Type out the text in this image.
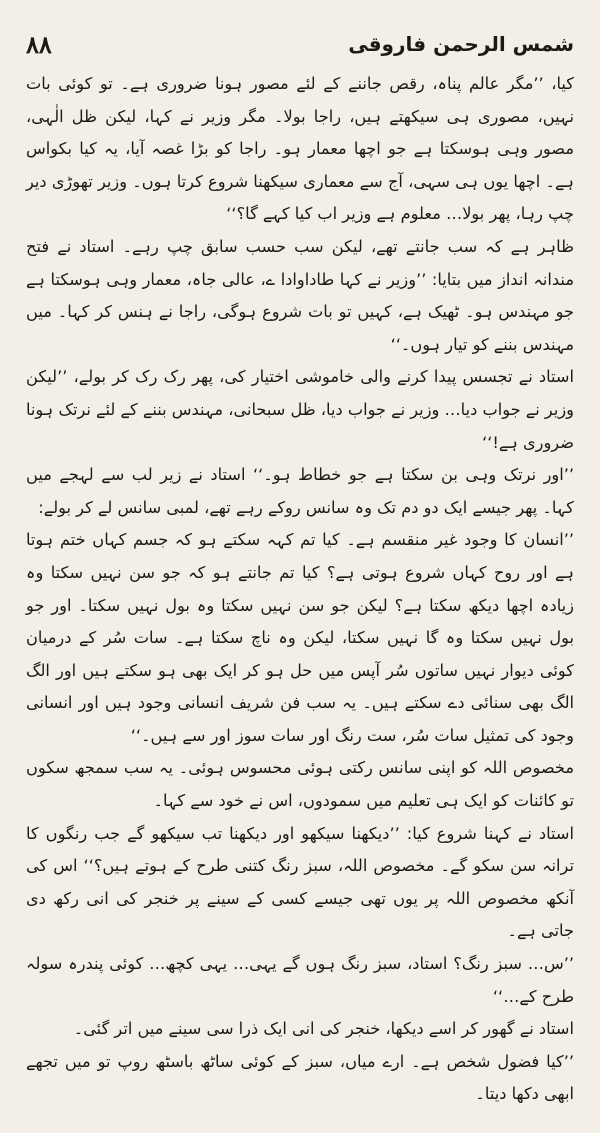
۸۸	شمس الرحمن فاروقی

کیا، ’’مگر عالم پناہ، رقص جاننے کے لئے مصور ہونا ضروری ہے۔ تو کوئی بات نہیں، مصوری ہی سیکھتے ہیں، راجا بولا۔ مگر وزیر نے کہا، لیکن ظل الٰہی، مصور وہی ہوسکتا ہے جو اچھا معمار ہو۔ راجا کو بڑا غصہ آیا، یہ کیا بکواس ہے۔ اچھا یوں ہی سہی، آج سے معماری سیکھنا شروع کرتا ہوں۔ وزیر تھوڑی دیر چپ رہا، پھر بولا… معلوم ہے وزیر اب کیا کہے گا؟‘‘

ظاہر ہے کہ سب جانتے تھے، لیکن سب حسب سابق چپ رہے۔ استاد نے فتح مندانہ انداز میں بتایا: ’’وزیر نے کہا طاداوادا ے، عالی جاہ، معمار وہی ہوسکتا ہے جو مہندس ہو۔ ٹھیک ہے، کہیں تو بات شروع ہوگی، راجا نے ہنس کر کہا۔ میں مہندس بننے کو تیار ہوں۔‘‘

استاد نے تجسس پیدا کرنے والی خاموشی اختیار کی، پھر رک رک کر بولے، ’’لیکن وزیر نے جواب دیا… وزیر نے جواب دیا، ظل سبحانی، مہندس بننے کے لئے نرتک ہونا ضروری ہے!‘‘

’’اور نرتک وہی بن سکتا ہے جو خطاط ہو۔‘‘ استاد نے زیر لب سے لہجے میں کہا۔ پھر جیسے ایک دو دم تک وہ سانس روکے رہے تھے، لمبی سانس لے کر بولے:

’’انسان کا وجود غیر منقسم ہے۔ کیا تم کہہ سکتے ہو کہ جسم کہاں ختم ہوتا ہے اور روح کہاں شروع ہوتی ہے؟ کیا تم جانتے ہو کہ جو سن نہیں سکتا وہ زیادہ اچھا دیکھ سکتا ہے؟ لیکن جو سن نہیں سکتا وہ بول نہیں سکتا۔ اور جو بول نہیں سکتا وہ گا نہیں سکتا، لیکن وہ ناچ سکتا ہے۔ سات سُر کے درمیان کوئی دیوار نہیں ساتوں سُر آپس میں حل ہو کر ایک بھی ہو سکتے ہیں اور الگ الگ بھی سنائی دے سکتے ہیں۔ یہ سب فن شریف انسانی وجود ہیں اور انسانی وجود کی تمثیل سات سُر، ست رنگ اور سات سوز اور سے ہیں۔‘‘

مخصوص اللہ کو اپنی سانس رکتی ہوئی محسوس ہوئی۔ یہ سب سمجھ سکوں تو کائنات کو ایک ہی تعلیم میں سمودوں، اس نے خود سے کہا۔

استاد نے کہنا شروع کیا: ’’دیکھنا سیکھو اور دیکھنا تب سیکھو گے جب رنگوں کا ترانہ سن سکو گے۔ مخصوص اللہ، سبز رنگ کتنی طرح کے ہوتے ہیں؟‘‘ اس کی آنکھ مخصوص اللہ پر یوں تھی جیسے کسی کے سینے پر خنجر کی انی رکھ دی جاتی ہے۔

’’س… سبز رنگ؟ استاد، سبز رنگ ہوں گے یہی… یہی کچھ… کوئی پندرہ سولہ طرح کے…‘‘

استاد نے گھور کر اسے دیکھا، خنجر کی انی ایک ذرا سی سینے میں اتر گئی۔

’’کیا فضول شخص ہے۔ ارے میاں، سبز کے کوئی ساٹھ باسٹھ روپ تو میں تجھے ابھی دکھا دیتا۔
